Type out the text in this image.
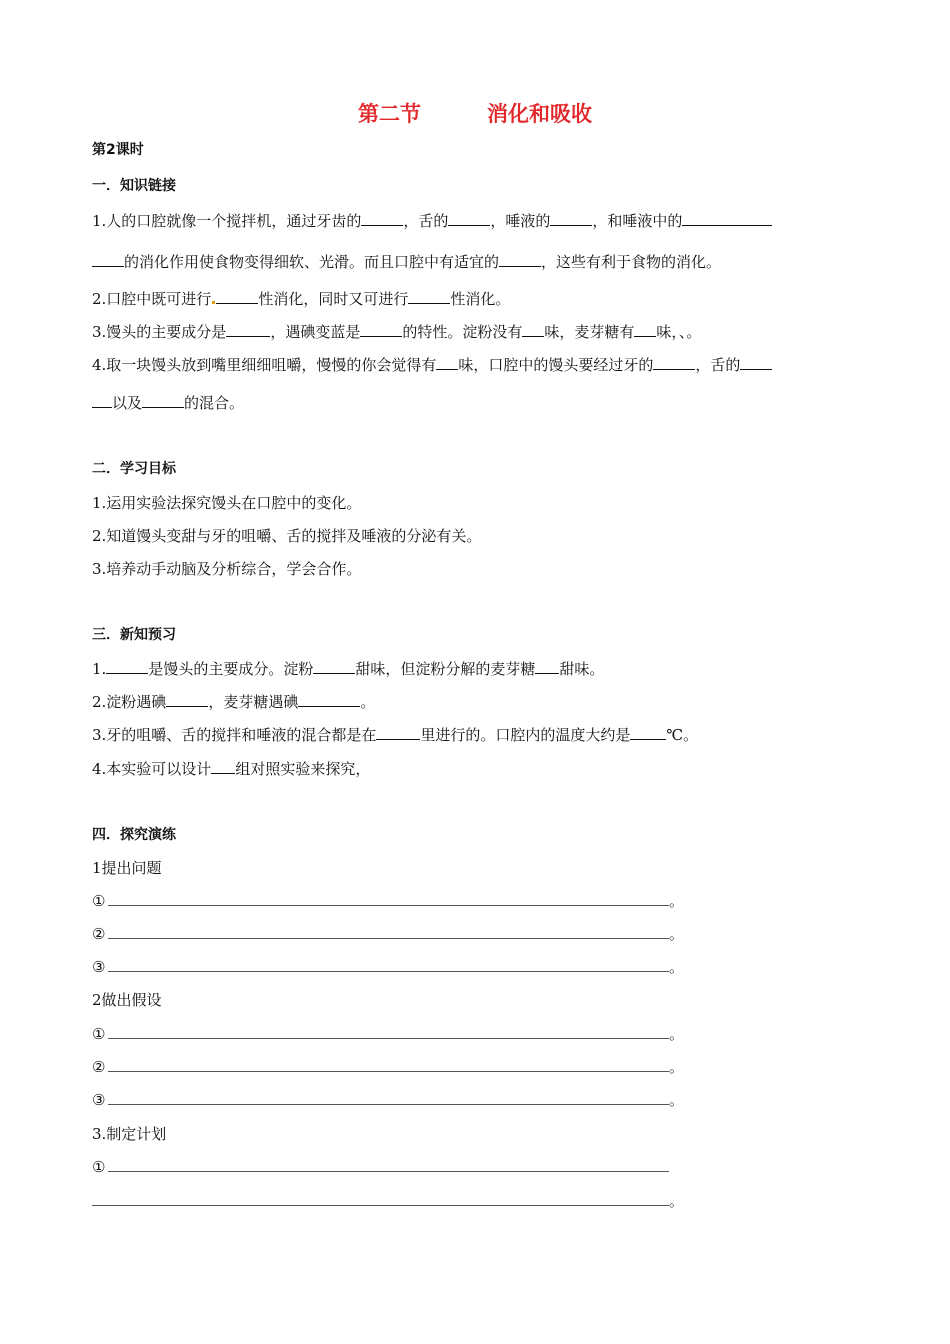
第二节	消化和吸收
第2课时
一．知识链接
1.人的口腔就像一个搅拌机，通过牙齿的	，舌的	，唾液的	，和唾液中的
的消化作用使食物变得细软、光滑。而且口腔中有适宜的	，这些有利于食物的消化。
2.口腔中既可进行	性消化，同时又可进行	性消化。
3.馒头的主要成分是	，遇碘变蓝是	的特性。淀粉没有 味，麦芽糖有 味，、。
4.取一块馒头放到嘴里细细咀嚼，慢慢的你会觉得有 味，口腔中的馒头要经过牙的	，舌的
以及	的混合。
二．学习目标
1.运用实验法探究馒头在口腔中的变化。
2.知道馒头变甜与牙的咀嚼、舌的搅拌及唾液的分泌有关。
3.培养动手动脑及分析综合，学会合作。
三．新知预习
1.	是馒头的主要成分。淀粉	甜味，但淀粉分解的麦芽糖 甜味。
2.淀粉遇碘	，麦芽糖遇碘	。
3.牙的咀嚼、舌的搅拌和唾液的混合都是在	里进行的。口腔内的温度大约是 ℃。
4.本实验可以设计 组对照实验来探究，
四．探究演练
1提出问题
①	。
②	。
③	。
2做出假设
①	。
②	。
③	。
3.制定计划
①
。
